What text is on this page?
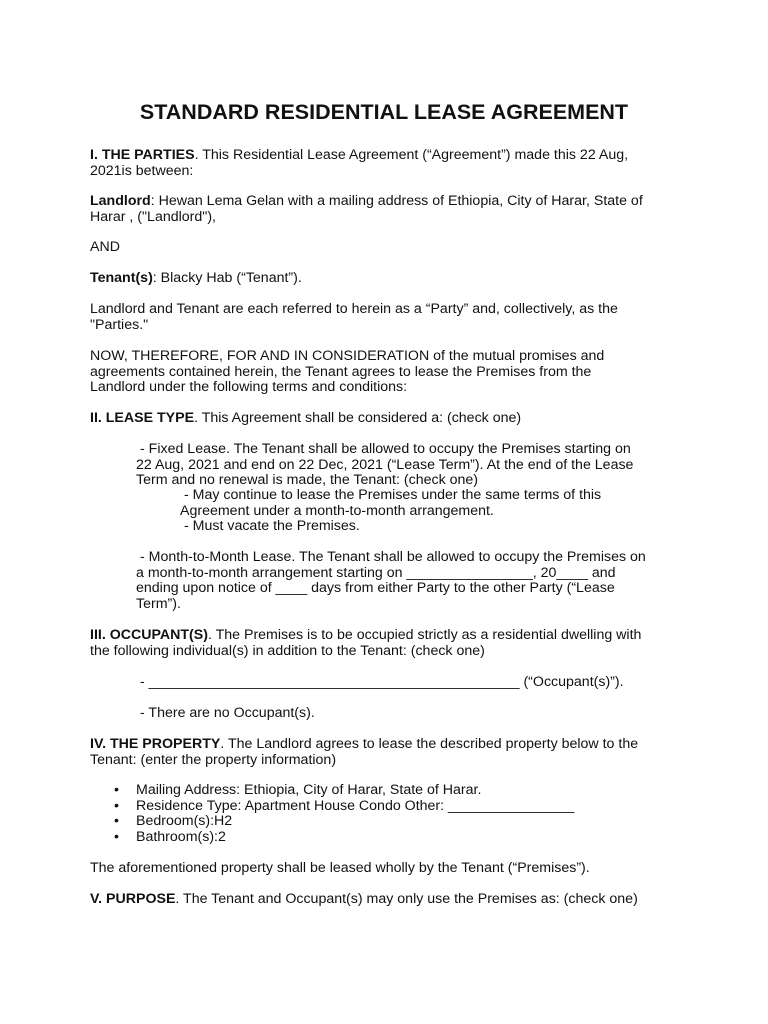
STANDARD RESIDENTIAL LEASE AGREEMENT
I. THE PARTIES. This Residential Lease Agreement (“Agreement”) made this 22 Aug,
2021is between:
Landlord: Hewan Lema Gelan with a mailing address of Ethiopia, City of Harar, State of
Harar , ("Landlord"),
AND
Tenant(s): Blacky Hab (“Tenant”).
Landlord and Tenant are each referred to herein as a “Party” and, collectively, as the
"Parties."
NOW, THEREFORE, FOR AND IN CONSIDERATION of the mutual promises and
agreements contained herein, the Tenant agrees to lease the Premises from the
Landlord under the following terms and conditions:
II. LEASE TYPE. This Agreement shall be considered a: (check one)
- Fixed Lease. The Tenant shall be allowed to occupy the Premises starting on
22 Aug, 2021 and end on 22 Dec, 2021 (“Lease Term”). At the end of the Lease
Term and no renewal is made, the Tenant: (check one)
- May continue to lease the Premises under the same terms of this
Agreement under a month-to-month arrangement.
- Must vacate the Premises.
- Month-to-Month Lease. The Tenant shall be allowed to occupy the Premises on
a month-to-month arrangement starting on ________________, 20____ and
ending upon notice of ____ days from either Party to the other Party (“Lease
Term”).
III. OCCUPANT(S). The Premises is to be occupied strictly as a residential dwelling with
the following individual(s) in addition to the Tenant: (check one)
- _______________________________________________ (“Occupant(s)”).
- There are no Occupant(s).
IV. THE PROPERTY. The Landlord agrees to lease the described property below to the
Tenant: (enter the property information)
• Mailing Address: Ethiopia, City of Harar, State of Harar.
• Residence Type: Apartment House Condo Other: ________________
• Bedroom(s):H2
• Bathroom(s):2
The aforementioned property shall be leased wholly by the Tenant (“Premises”).
V. PURPOSE. The Tenant and Occupant(s) may only use the Premises as: (check one)
